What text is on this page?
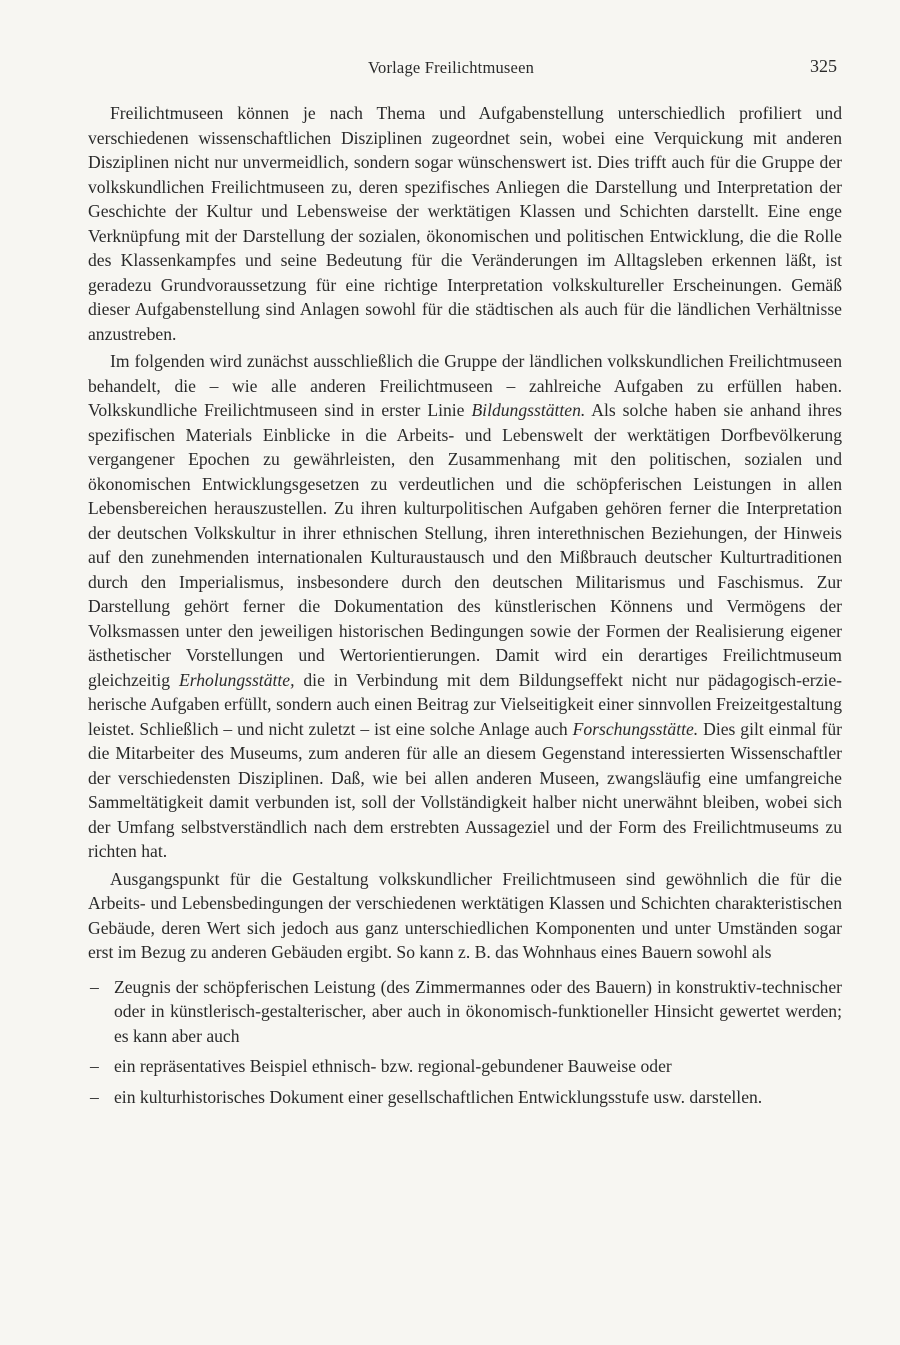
Vorlage Freilichtmuseen	325

Freilichtmuseen können je nach Thema und Aufgabenstellung unterschiedlich profiliert und verschiedenen wissenschaftlichen Disziplinen zugeordnet sein, wobei eine Verquickung mit anderen Disziplinen nicht nur unvermeidlich, sondern sogar wünschenswert ist. Dies trifft auch für die Gruppe der volkskundlichen Freilichtmuseen zu, deren spezifisches Anliegen die Darstellung und Interpretation der Geschichte der Kultur und Lebensweise der werktätigen Klassen und Schichten darstellt. Eine enge Verknüpfung mit der Darstellung der sozialen, ökonomischen und politischen Entwicklung, die die Rolle des Klassenkampfes und seine Bedeutung für die Veränderungen im Alltagsleben erkennen läßt, ist geradezu Grundvoraussetzung für eine richtige Interpretation volkskultureller Erscheinungen. Gemäß dieser Aufgabenstellung sind Anlagen sowohl für die städtischen als auch für die ländlichen Verhältnisse anzustreben.

Im folgenden wird zunächst ausschließlich die Gruppe der ländlichen volkskundlichen Freilichtmuseen behandelt, die – wie alle anderen Freilichtmuseen – zahlreiche Aufgaben zu erfüllen haben. Volkskundliche Freilichtmuseen sind in erster Linie Bildungsstätten. Als solche haben sie anhand ihres spezifischen Materials Einblicke in die Arbeits- und Lebenswelt der werktätigen Dorfbevölkerung vergangener Epochen zu gewährleisten, den Zusammenhang mit den politischen, sozialen und ökonomischen Entwicklungsgesetzen zu verdeutlichen und die schöpferischen Leistungen in allen Lebensbereichen herauszustellen. Zu ihren kulturpolitischen Aufgaben gehören ferner die Interpretation der deutschen Volkskultur in ihrer ethnischen Stellung, ihren interethnischen Beziehungen, der Hinweis auf den zunehmenden internationalen Kulturaustausch und den Mißbrauch deutscher Kulturtraditionen durch den Imperialismus, insbesondere durch den deutschen Militarismus und Faschismus. Zur Darstellung gehört ferner die Dokumentation des künstlerischen Könnens und Vermögens der Volksmassen unter den jeweiligen historischen Bedingungen sowie der Formen der Realisierung eigener ästhetischer Vorstellungen und Wertorientierungen. Damit wird ein derartiges Freilichtmuseum gleichzeitig Erholungsstätte, die in Verbindung mit dem Bildungseffekt nicht nur pädagogisch-erzieherische Aufgaben erfüllt, sondern auch einen Beitrag zur Vielseitigkeit einer sinnvollen Freizeitgestaltung leistet. Schließlich – und nicht zuletzt – ist eine solche Anlage auch Forschungsstätte. Dies gilt einmal für die Mitarbeiter des Museums, zum anderen für alle an diesem Gegenstand interessierten Wissenschaftler der verschiedensten Disziplinen. Daß, wie bei allen anderen Museen, zwangsläufig eine umfangreiche Sammeltätigkeit damit verbunden ist, soll der Vollständigkeit halber nicht unerwähnt bleiben, wobei sich der Umfang selbstverständlich nach dem erstrebten Aussageziel und der Form des Freilichtmuseums zu richten hat.

Ausgangspunkt für die Gestaltung volkskundlicher Freilichtmuseen sind gewöhnlich die für die Arbeits- und Lebensbedingungen der verschiedenen werktätigen Klassen und Schichten charakteristischen Gebäude, deren Wert sich jedoch aus ganz unterschiedlichen Komponenten und unter Umständen sogar erst im Bezug zu anderen Gebäuden ergibt. So kann z. B. das Wohnhaus eines Bauern sowohl als

– Zeugnis der schöpferischen Leistung (des Zimmermannes oder des Bauern) in konstruktiv-technischer oder in künstlerisch-gestalterischer, aber auch in ökonomisch-funktioneller Hinsicht gewertet werden; es kann aber auch
– ein repräsentatives Beispiel ethnisch- bzw. regional-gebundener Bauweise oder
– ein kulturhistorisches Dokument einer gesellschaftlichen Entwicklungsstufe usw. darstellen.
